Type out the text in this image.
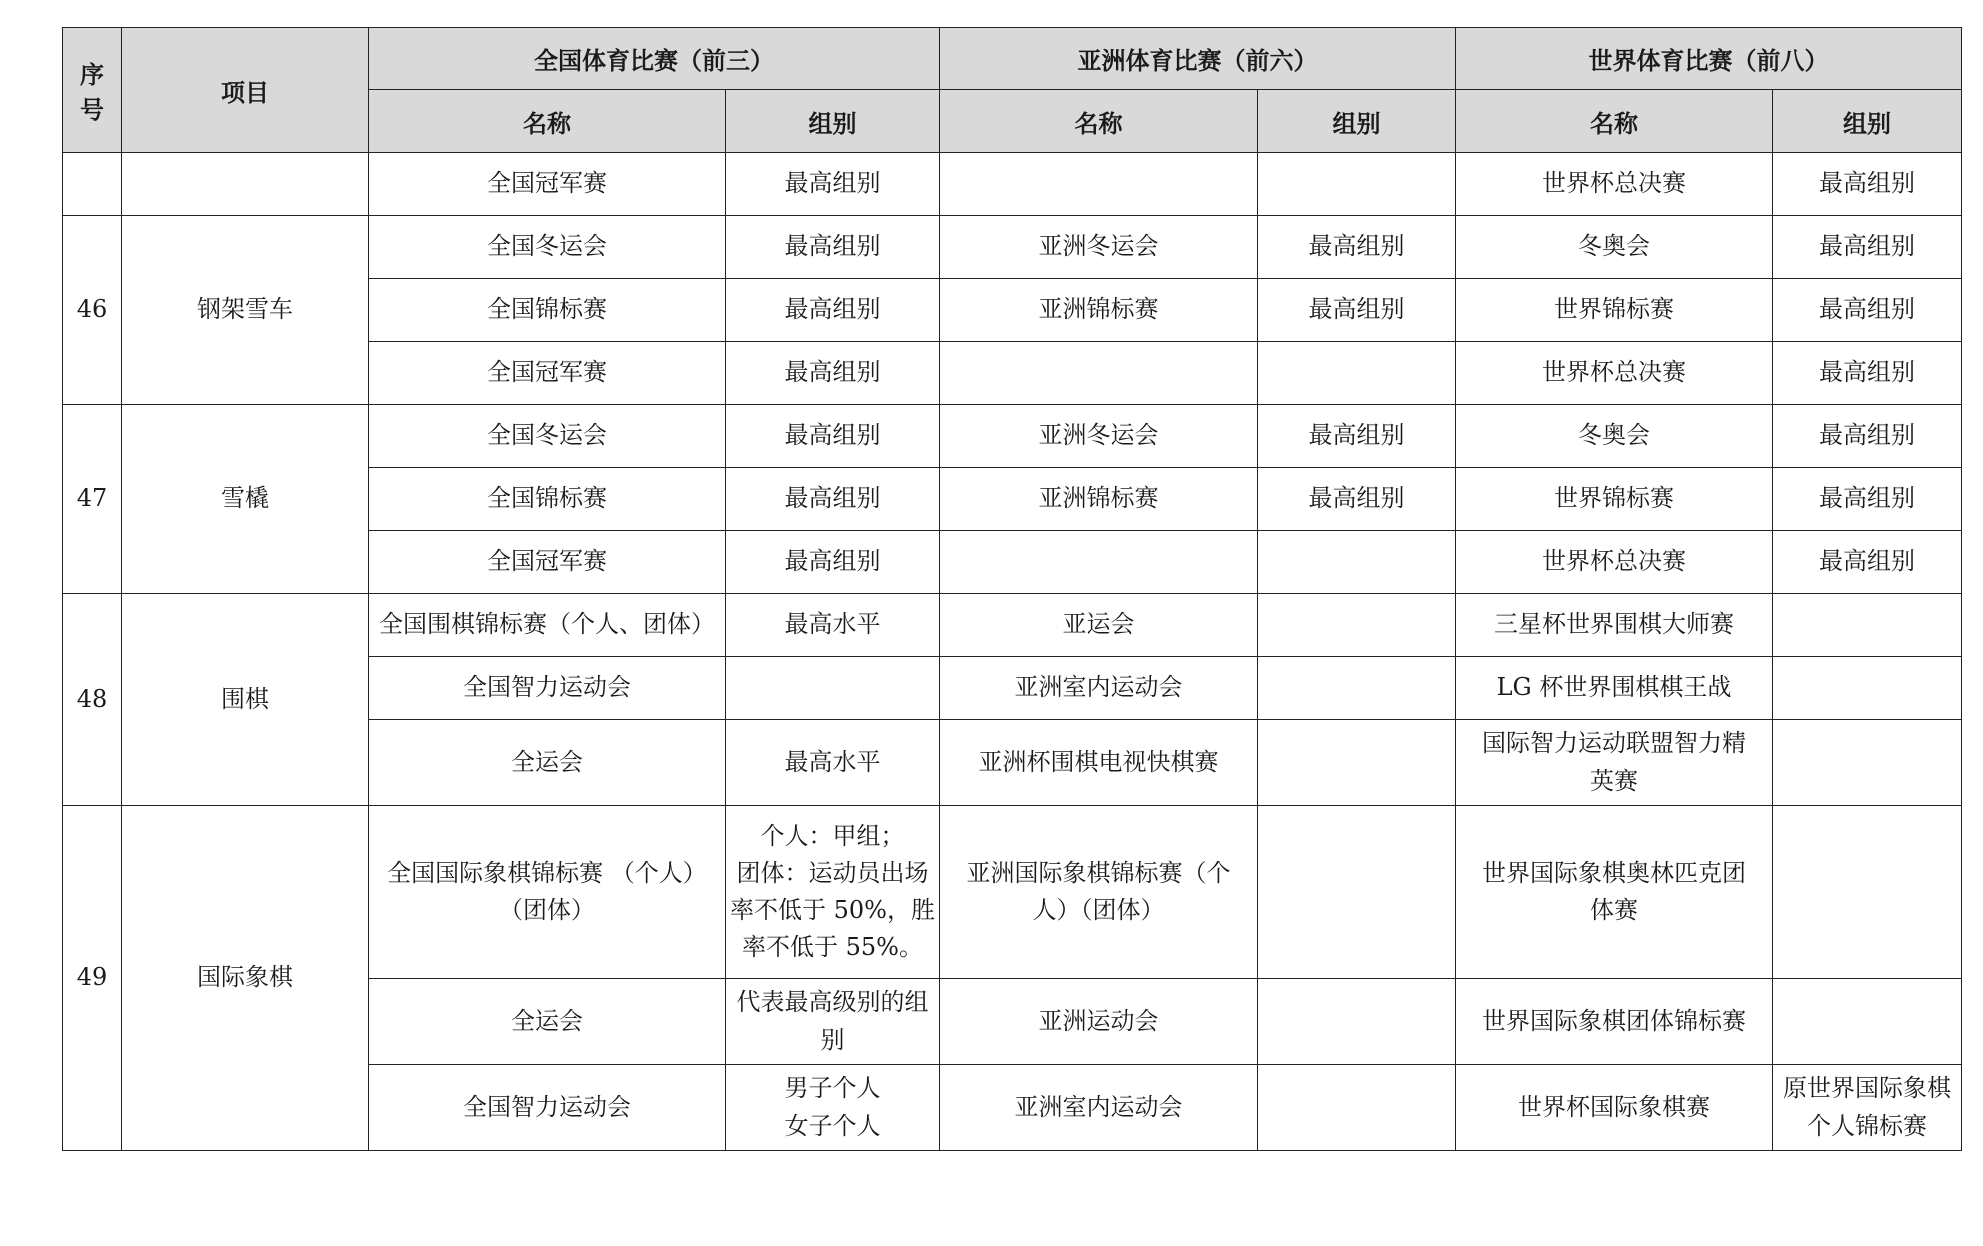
序
号	项目	全国体育比赛（前三）		亚洲体育比赛（前六）		世界体育比赛（前八）	
		名称	组别	名称	组别	名称	组别

		全国冠军赛	最高组别			世界杯总决赛	最高组别

46	钢架雪车	全国冬运会	最高组别	亚洲冬运会	最高组别	冬奥会	最高组别

		全国锦标赛	最高组别	亚洲锦标赛	最高组别	世界锦标赛	最高组别

		全国冠军赛	最高组别			世界杯总决赛	最高组别

47	雪橇	全国冬运会	最高组别	亚洲冬运会	最高组别	冬奥会	最高组别

		全国锦标赛	最高组别	亚洲锦标赛	最高组别	世界锦标赛	最高组别

		全国冠军赛	最高组别			世界杯总决赛	最高组别

48	围棋	全国围棋锦标赛（个人、团体）	最高水平	亚运会		三星杯世界围棋大师赛	

		全国智力运动会		亚洲室内运动会		LG 杯世界围棋棋王战	

		全运会	最高水平	亚洲杯围棋电视快棋赛		国际智力运动联盟智力精
英赛	

49	国际象棋	全国国际象棋锦标赛 （个人）
（团体）	个人：甲组；
团体：运动员出场
率不低于 50%，胜
率不低于 55%。	亚洲国际象棋锦标赛（个
人）（团体）		世界国际象棋奥林匹克团
体赛	

		全运会	代表最高级别的组
别	亚洲运动会		世界国际象棋团体锦标赛	

		全国智力运动会	男子个人
女子个人	亚洲室内运动会		世界杯国际象棋赛	原世界国际象棋
个人锦标赛
